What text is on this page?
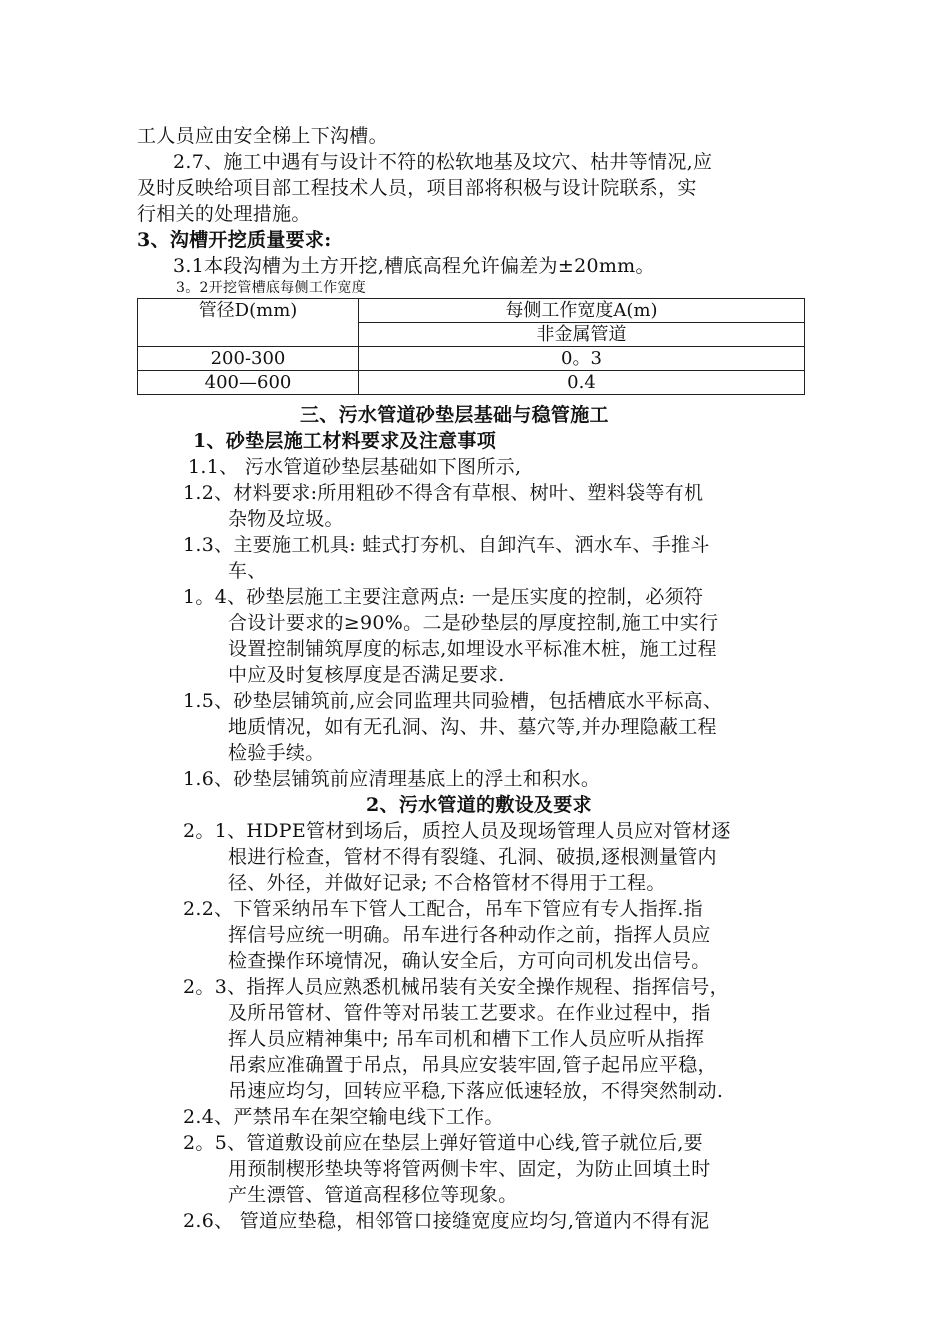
工人员应由安全梯上下沟槽。
2.7、施工中遇有与设计不符的松软地基及坟穴、枯井等情况,应
及时反映给项目部工程技术人员，项目部将积极与设计院联系，实
行相关的处理措施。
3、沟槽开挖质量要求:
3.1本段沟槽为土方开挖,槽底高程允许偏差为±20mm。
3。2开挖管槽底每侧工作宽度
管径D(mm)	每侧工作宽度A(m)
	非金属管道
200-300	0。3
400—600	0.4
三、污水管道砂垫层基础与稳管施工
1、砂垫层施工材料要求及注意事项
1.1、 污水管道砂垫层基础如下图所示,
1.2、材料要求:所用粗砂不得含有草根、树叶、塑料袋等有机
杂物及垃圾。
1.3、主要施工机具: 蛙式打夯机、自卸汽车、洒水车、手推斗
车、
1。4、砂垫层施工主要注意两点: 一是压实度的控制，必须符
合设计要求的≥90%。二是砂垫层的厚度控制,施工中实行
设置控制铺筑厚度的标志,如埋设水平标准木桩，施工过程
中应及时复核厚度是否满足要求.
1.5、砂垫层铺筑前,应会同监理共同验槽，包括槽底水平标高、
地质情况，如有无孔洞、沟、井、墓穴等,并办理隐蔽工程
检验手续。
1.6、砂垫层铺筑前应清理基底上的浮土和积水。
2、污水管道的敷设及要求
2。1、HDPE管材到场后，质控人员及现场管理人员应对管材逐
根进行检查，管材不得有裂缝、孔洞、破损,逐根测量管内
径、外径，并做好记录; 不合格管材不得用于工程。
2.2、下管采纳吊车下管人工配合，吊车下管应有专人指挥.指
挥信号应统一明确。吊车进行各种动作之前，指挥人员应
检查操作环境情况，确认安全后，方可向司机发出信号。
2。3、指挥人员应熟悉机械吊装有关安全操作规程、指挥信号，
及所吊管材、管件等对吊装工艺要求。在作业过程中，指
挥人员应精神集中; 吊车司机和槽下工作人员应听从指挥
吊索应准确置于吊点，吊具应安装牢固,管子起吊应平稳，
吊速应均匀，回转应平稳,下落应低速轻放，不得突然制动.
2.4、严禁吊车在架空输电线下工作。
2。5、管道敷设前应在垫层上弹好管道中心线,管子就位后,要
用预制楔形垫块等将管两侧卡牢、固定，为防止回填土时
产生漂管、管道高程移位等现象。
2.6、 管道应垫稳，相邻管口接缝宽度应均匀,管道内不得有泥
